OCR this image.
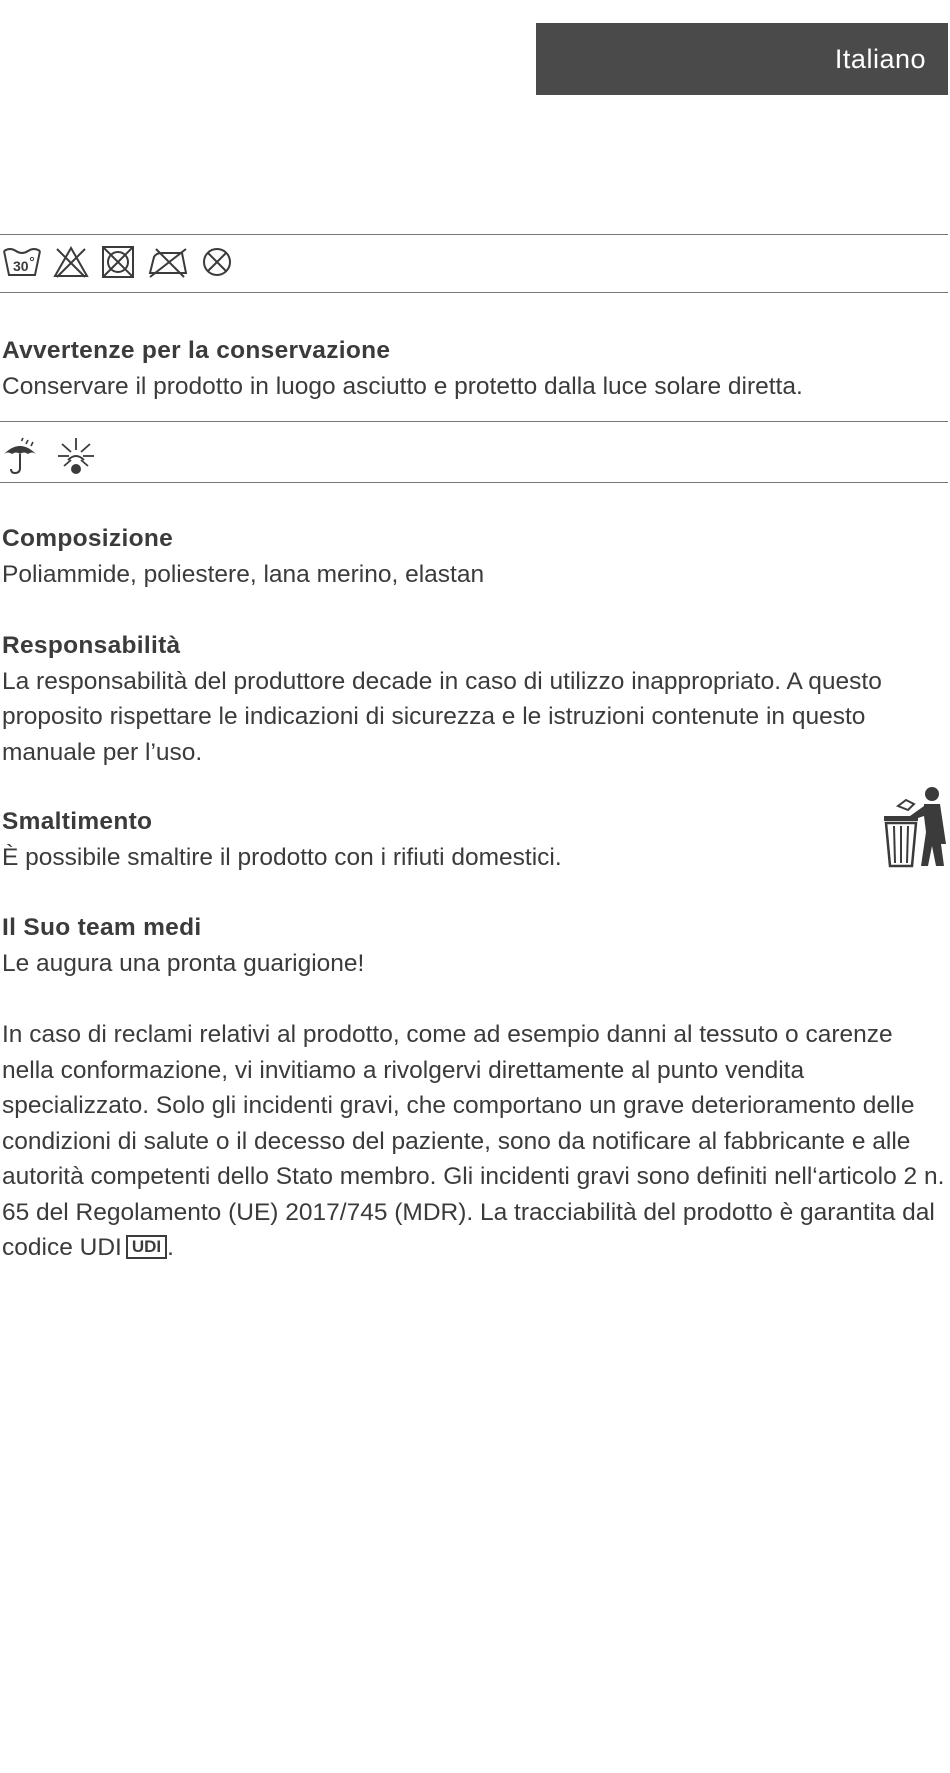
Italiano
30
Avvertenze per la conservazione

Conservare il prodotto in luogo asciutto e protetto dalla luce solare diretta.

Composizione

Poliammide, poliestere, lana merino, elastan

Responsabilità

La responsabilità del produttore decade in caso di utilizzo inappropriato. A questo proposito rispettare le indicazioni di sicurezza e le istruzioni contenute in questo manuale per l’uso.

Smaltimento

È possibile smaltire il prodotto con i rifiuti domestici.

Il Suo team medi

Le augura una pronta guarigione!

In caso di reclami relativi al prodotto, come ad esempio danni al tessuto o carenze nella conformazione, vi invitiamo a rivolgervi direttamente al punto vendita specializzato. Solo gli incidenti gravi, che comportano un grave deterioramento delle condizioni di salute o il decesso del paziente, sono da notificare al fabbricante e alle autorità competenti dello Stato membro. Gli incidenti gravi sono definiti nell‘articolo 2 n. 65 del Regolamento (UE) 2017/745 (MDR). La tracciabilità del prodotto è garantita dal codice UDI UDI .
